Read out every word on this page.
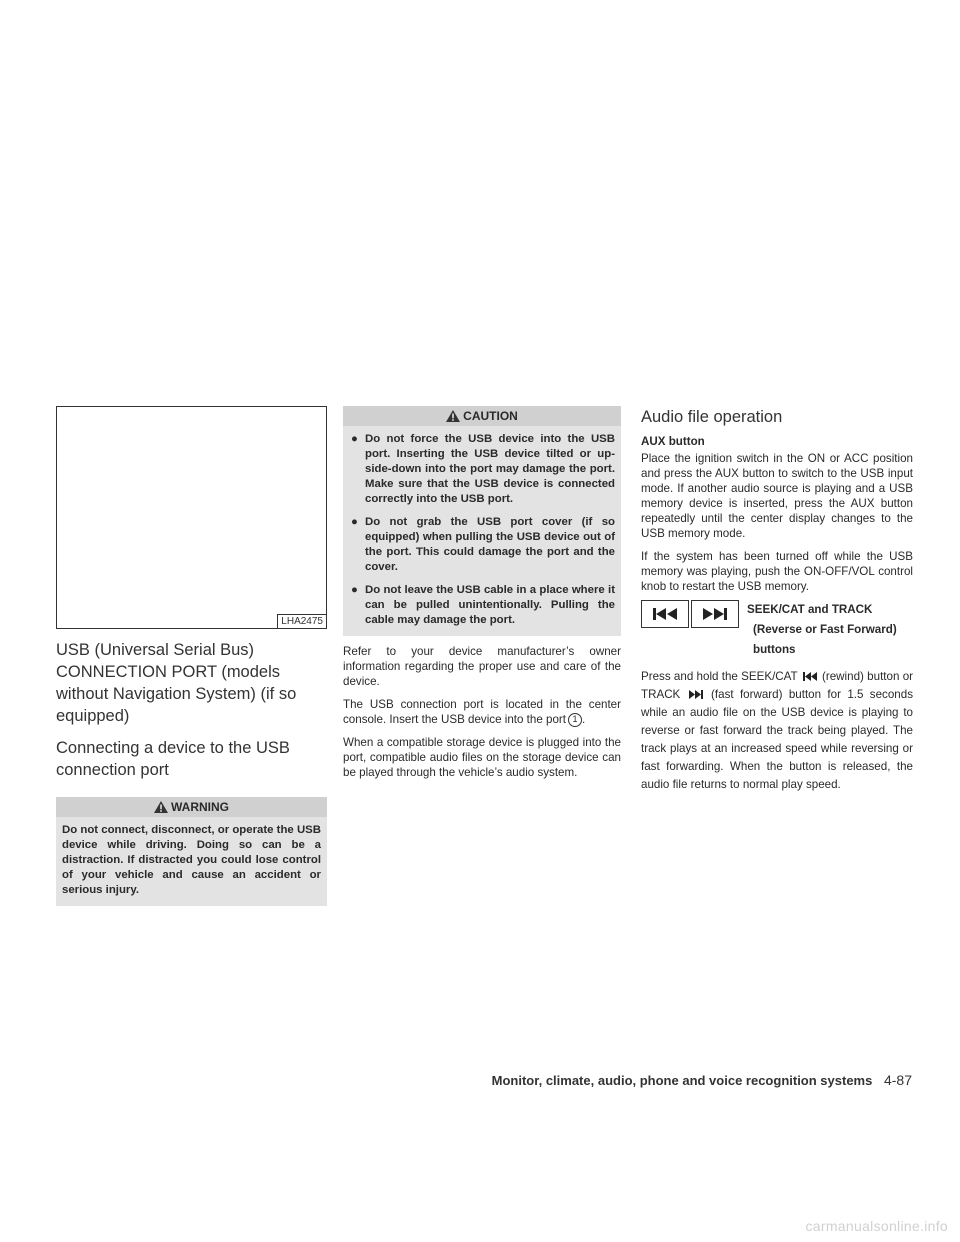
LHA2475
USB (Universal Serial Bus) CONNECTION PORT (models without Navigation System) (if so equipped)
Connecting a device to the USB connection port
WARNING
Do not connect, disconnect, or operate the USB device while driving. Doing so can be a distraction. If distracted you could lose control of your vehicle and cause an accident or serious injury.
CAUTION
● Do not force the USB device into the USB port. Inserting the USB device tilted or up-side-down into the port may damage the port. Make sure that the USB device is connected correctly into the USB port.
● Do not grab the USB port cover (if so equipped) when pulling the USB device out of the port. This could damage the port and the cover.
● Do not leave the USB cable in a place where it can be pulled unintentionally. Pulling the cable may damage the port.

Refer to your device manufacturer’s owner information regarding the proper use and care of the device.

The USB connection port is located in the center console. Insert the USB device into the port 1 .

When a compatible storage device is plugged into the port, compatible audio files on the storage device can be played through the vehicle’s audio system.

Audio file operation
AUX button

Place the ignition switch in the ON or ACC position and press the AUX button to switch to the USB input mode. If another audio source is playing and a USB memory device is inserted, press the AUX button repeatedly until the center display changes to the USB memory mode.

If the system has been turned off while the USB memory was playing, push the ON-OFF/VOL control knob to restart the USB memory.

SEEK/CAT and TRACK
(Reverse or Fast Forward)
buttons

Press and hold the SEEK/CAT (rewind) button or TRACK	(fast forward) button for 1.5 seconds while an audio file on the USB device is playing to reverse or fast forward the track being played. The track plays at an increased speed while reversing or fast forwarding. When the button is released, the audio file returns to normal play speed.

Monitor, climate, audio, phone and voice recognition systems 4-87
carmanualsonline.info
